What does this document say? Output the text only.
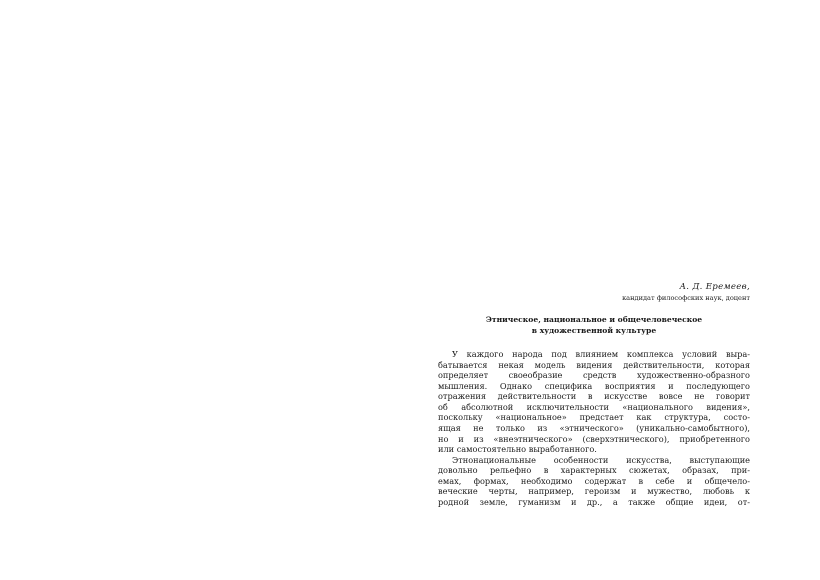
А. Д. Еремеев,

кандидат философских наук, доцент

Этническое, национальное и общечеловеческое
в художественной культуре
У каждого народа под влиянием комплекса условий выра-
батывается некая модель видения действительности, которая
определяет своеобразие средств художественно-образного
мышления. Однако специфика восприятия и последующего
отражения действительности в искусстве вовсе не говорит
об абсолютной исключительности «национального видения»,
поскольку «национальное» предстает как структура, состо-
ящая не только из «этнического» (уникально-самобытного),
но и из «внеэтнического» (сверхэтнического), приобретенного
или самостоятельно выработанного.
Этнонациональные особенности искусства, выступающие
довольно рельефно в характерных сюжетах, образах, при-
емах, формах, необходимо содержат в себе и общечело-
веческие черты, например, героизм и мужество, любовь к
родной земле, гуманизм и др., а также общие идеи, от-
